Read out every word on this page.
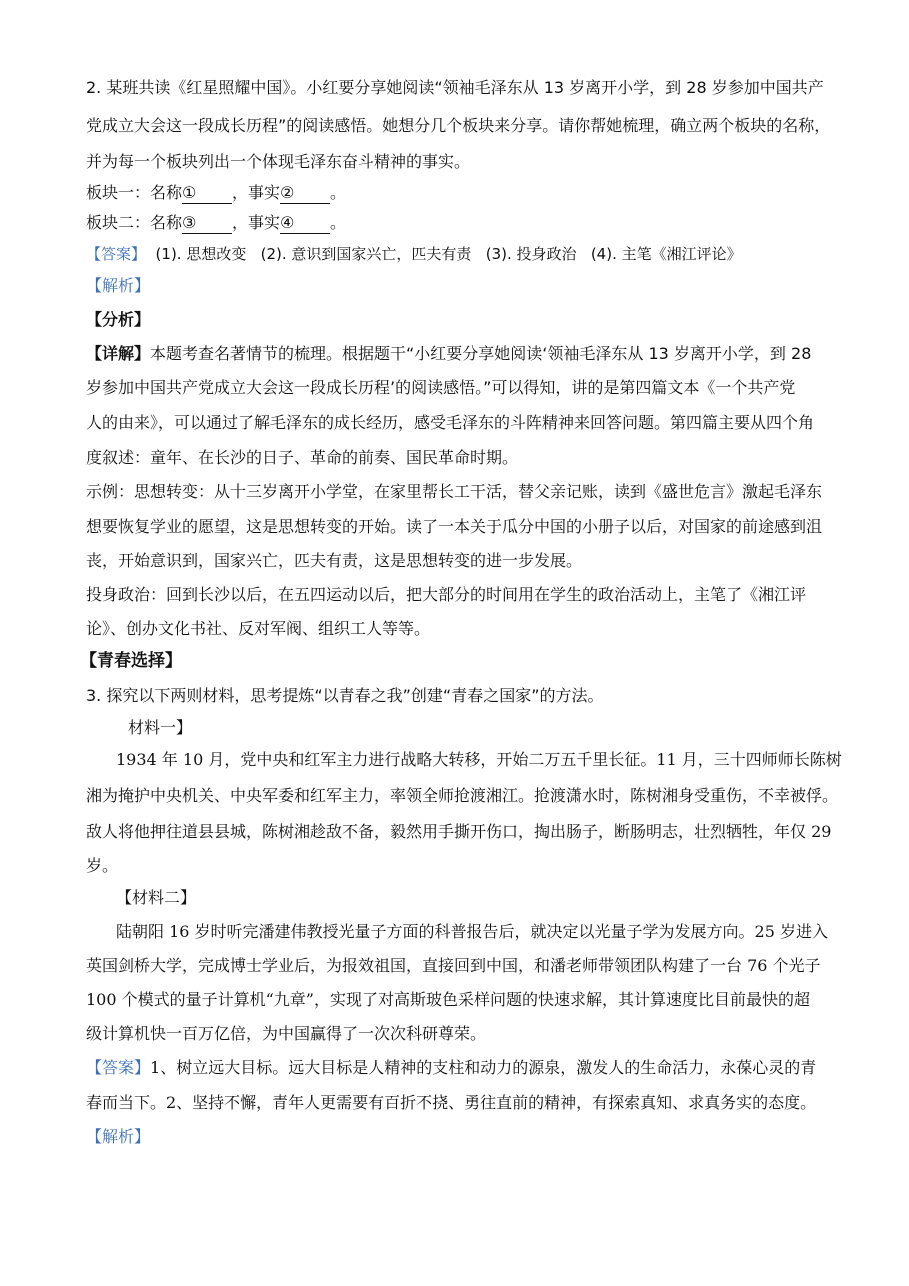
2. 某班共读《红星照耀中国》。小红要分享她阅读“领袖毛泽东从 13 岁离开小学，到 28 岁参加中国共产
党成立大会这一段成长历程”的阅读感悟。她想分几个板块来分享。请你帮她梳理，确立两个板块的名称，
并为每一个板块列出一个体现毛泽东奋斗精神的事实。
板块一：名称① ，事实② 。
板块二：名称③ ，事实④ 。
【答案】  (1). 思想改变   (2). 意识到国家兴亡，匹夫有责   (3). 投身政治   (4). 主笔《湘江评论》
【解析】
【分析】
【详解】本题考查名著情节的梳理。根据题干“小红要分享她阅读‘领袖毛泽东从 13 岁离开小学，到 28
岁参加中国共产党成立大会这一段成长历程’的阅读感悟。”可以得知，讲的是第四篇文本《一个共产党
人的由来》，可以通过了解毛泽东的成长经历，感受毛泽东的斗阵精神来回答问题。第四篇主要从四个角
度叙述：童年、在长沙的日子、革命的前奏、国民革命时期。
示例：思想转变：从十三岁离开小学堂，在家里帮长工干活，替父亲记账，读到《盛世危言》激起毛泽东
想要恢复学业的愿望，这是思想转变的开始。读了一本关于瓜分中国的小册子以后，对国家的前途感到沮
丧，开始意识到，国家兴亡，匹夫有责，这是思想转变的进一步发展。
投身政治：回到长沙以后，在五四运动以后，把大部分的时间用在学生的政治活动上，主笔了《湘江评
论》、创办文化书社、反对军阀、组织工人等等。
【青春选择】
3. 探究以下两则材料，思考提炼“以青春之我”创建“青春之国家”的方法。
材料一】
1934 年 10 月，党中央和红军主力进行战略大转移，开始二万五千里长征。11 月，三十四师师长陈树
湘为掩护中央机关、中央军委和红军主力，率领全师抢渡湘江。抢渡潇水时，陈树湘身受重伤，不幸被俘。
敌人将他押往道县县城，陈树湘趁敌不备，毅然用手撕开伤口，掏出肠子，断肠明志，壮烈牺牲，年仅 29
岁。
【材料二】
陆朝阳 16 岁时听完潘建伟教授光量子方面的科普报告后，就决定以光量子学为发展方向。25 岁进入
英国剑桥大学，完成博士学业后，为报效祖国，直接回到中国，和潘老师带领团队构建了一台 76 个光子
100 个模式的量子计算机“九章”，实现了对高斯玻色采样问题的快速求解，其计算速度比目前最快的超
级计算机快一百万亿倍，为中国赢得了一次次科研尊荣。
【答案】1、树立远大目标。远大目标是人精神的支柱和动力的源泉，激发人的生命活力，永葆心灵的青
春而当下。2、坚持不懈，青年人更需要有百折不挠、勇往直前的精神，有探索真知、求真务实的态度。
【解析】
